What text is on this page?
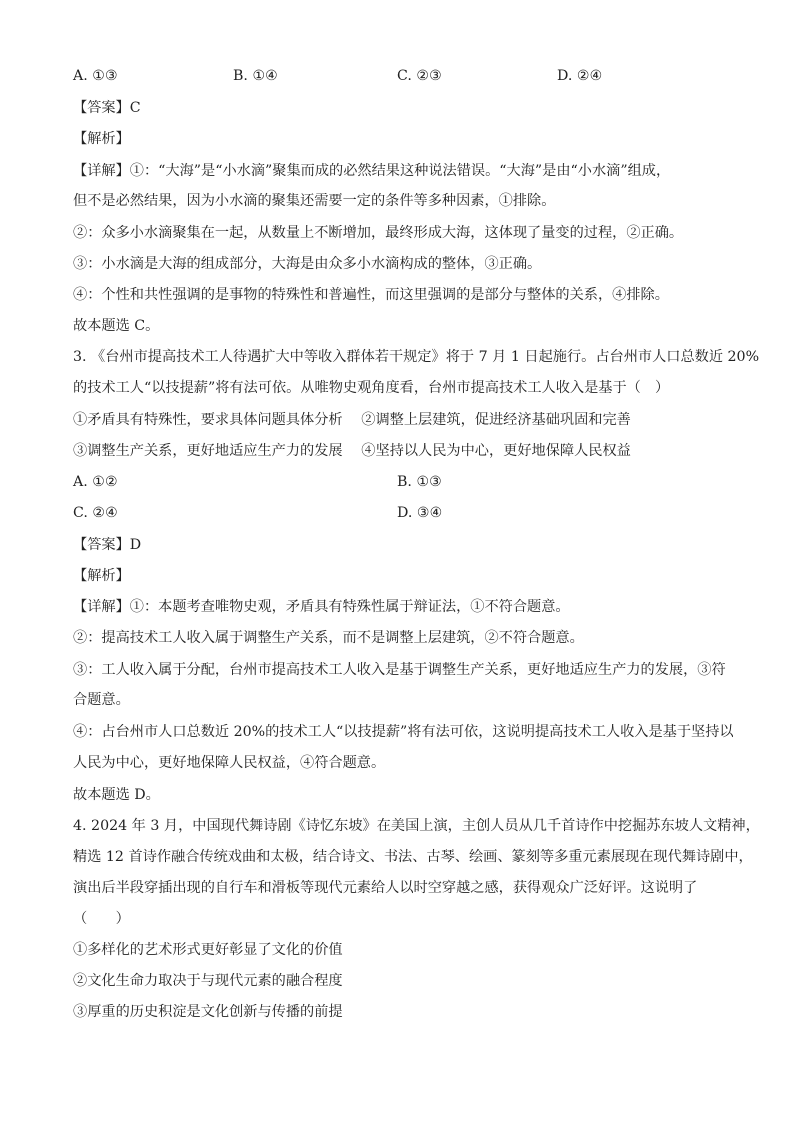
A. ①③	B. ①④	C. ②③	D. ②④
【答案】C
【解析】
【详解】①：“大海”是“小水滴”聚集而成的必然结果这种说法错误。“大海”是由“小水滴”组成，
但不是必然结果，因为小水滴的聚集还需要一定的条件等多种因素，①排除。
②：众多小水滴聚集在一起，从数量上不断增加，最终形成大海，这体现了量变的过程，②正确。
③：小水滴是大海的组成部分，大海是由众多小水滴构成的整体，③正确。
④：个性和共性强调的是事物的特殊性和普遍性，而这里强调的是部分与整体的关系，④排除。
故本题选 C。
3. 《台州市提高技术工人待遇扩大中等收入群体若干规定》将于 7 月 1 日起施行。占台州市人口总数近 20%
的技术工人“以技提薪”将有法可依。从唯物史观角度看，台州市提高技术工人收入是基于（　）
①矛盾具有特殊性，要求具体问题具体分析　 ②调整上层建筑，促进经济基础巩固和完善
③调整生产关系，更好地适应生产力的发展　 ④坚持以人民为中心，更好地保障人民权益
A. ①②	B. ①③
C. ②④	D. ③④
【答案】D
【解析】
【详解】①：本题考查唯物史观，矛盾具有特殊性属于辩证法，①不符合题意。
②：提高技术工人收入属于调整生产关系，而不是调整上层建筑，②不符合题意。
③：工人收入属于分配，台州市提高技术工人收入是基于调整生产关系，更好地适应生产力的发展，③符
合题意。
④：占台州市人口总数近 20%的技术工人“以技提薪”将有法可依，这说明提高技术工人收入是基于坚持以
人民为中心，更好地保障人民权益，④符合题意。
故本题选 D。
4. 2024 年 3 月，中国现代舞诗剧《诗忆东坡》在美国上演，主创人员从几千首诗作中挖掘苏东坡人文精神，
精选 12 首诗作融合传统戏曲和太极，结合诗文、书法、古琴、绘画、篆刻等多重元素展现在现代舞诗剧中，
演出后半段穿插出现的自行车和滑板等现代元素给人以时空穿越之感，获得观众广泛好评。这说明了
（　　）
①多样化的艺术形式更好彰显了文化的价值
②文化生命力取决于与现代元素的融合程度
③厚重的历史积淀是文化创新与传播的前提
